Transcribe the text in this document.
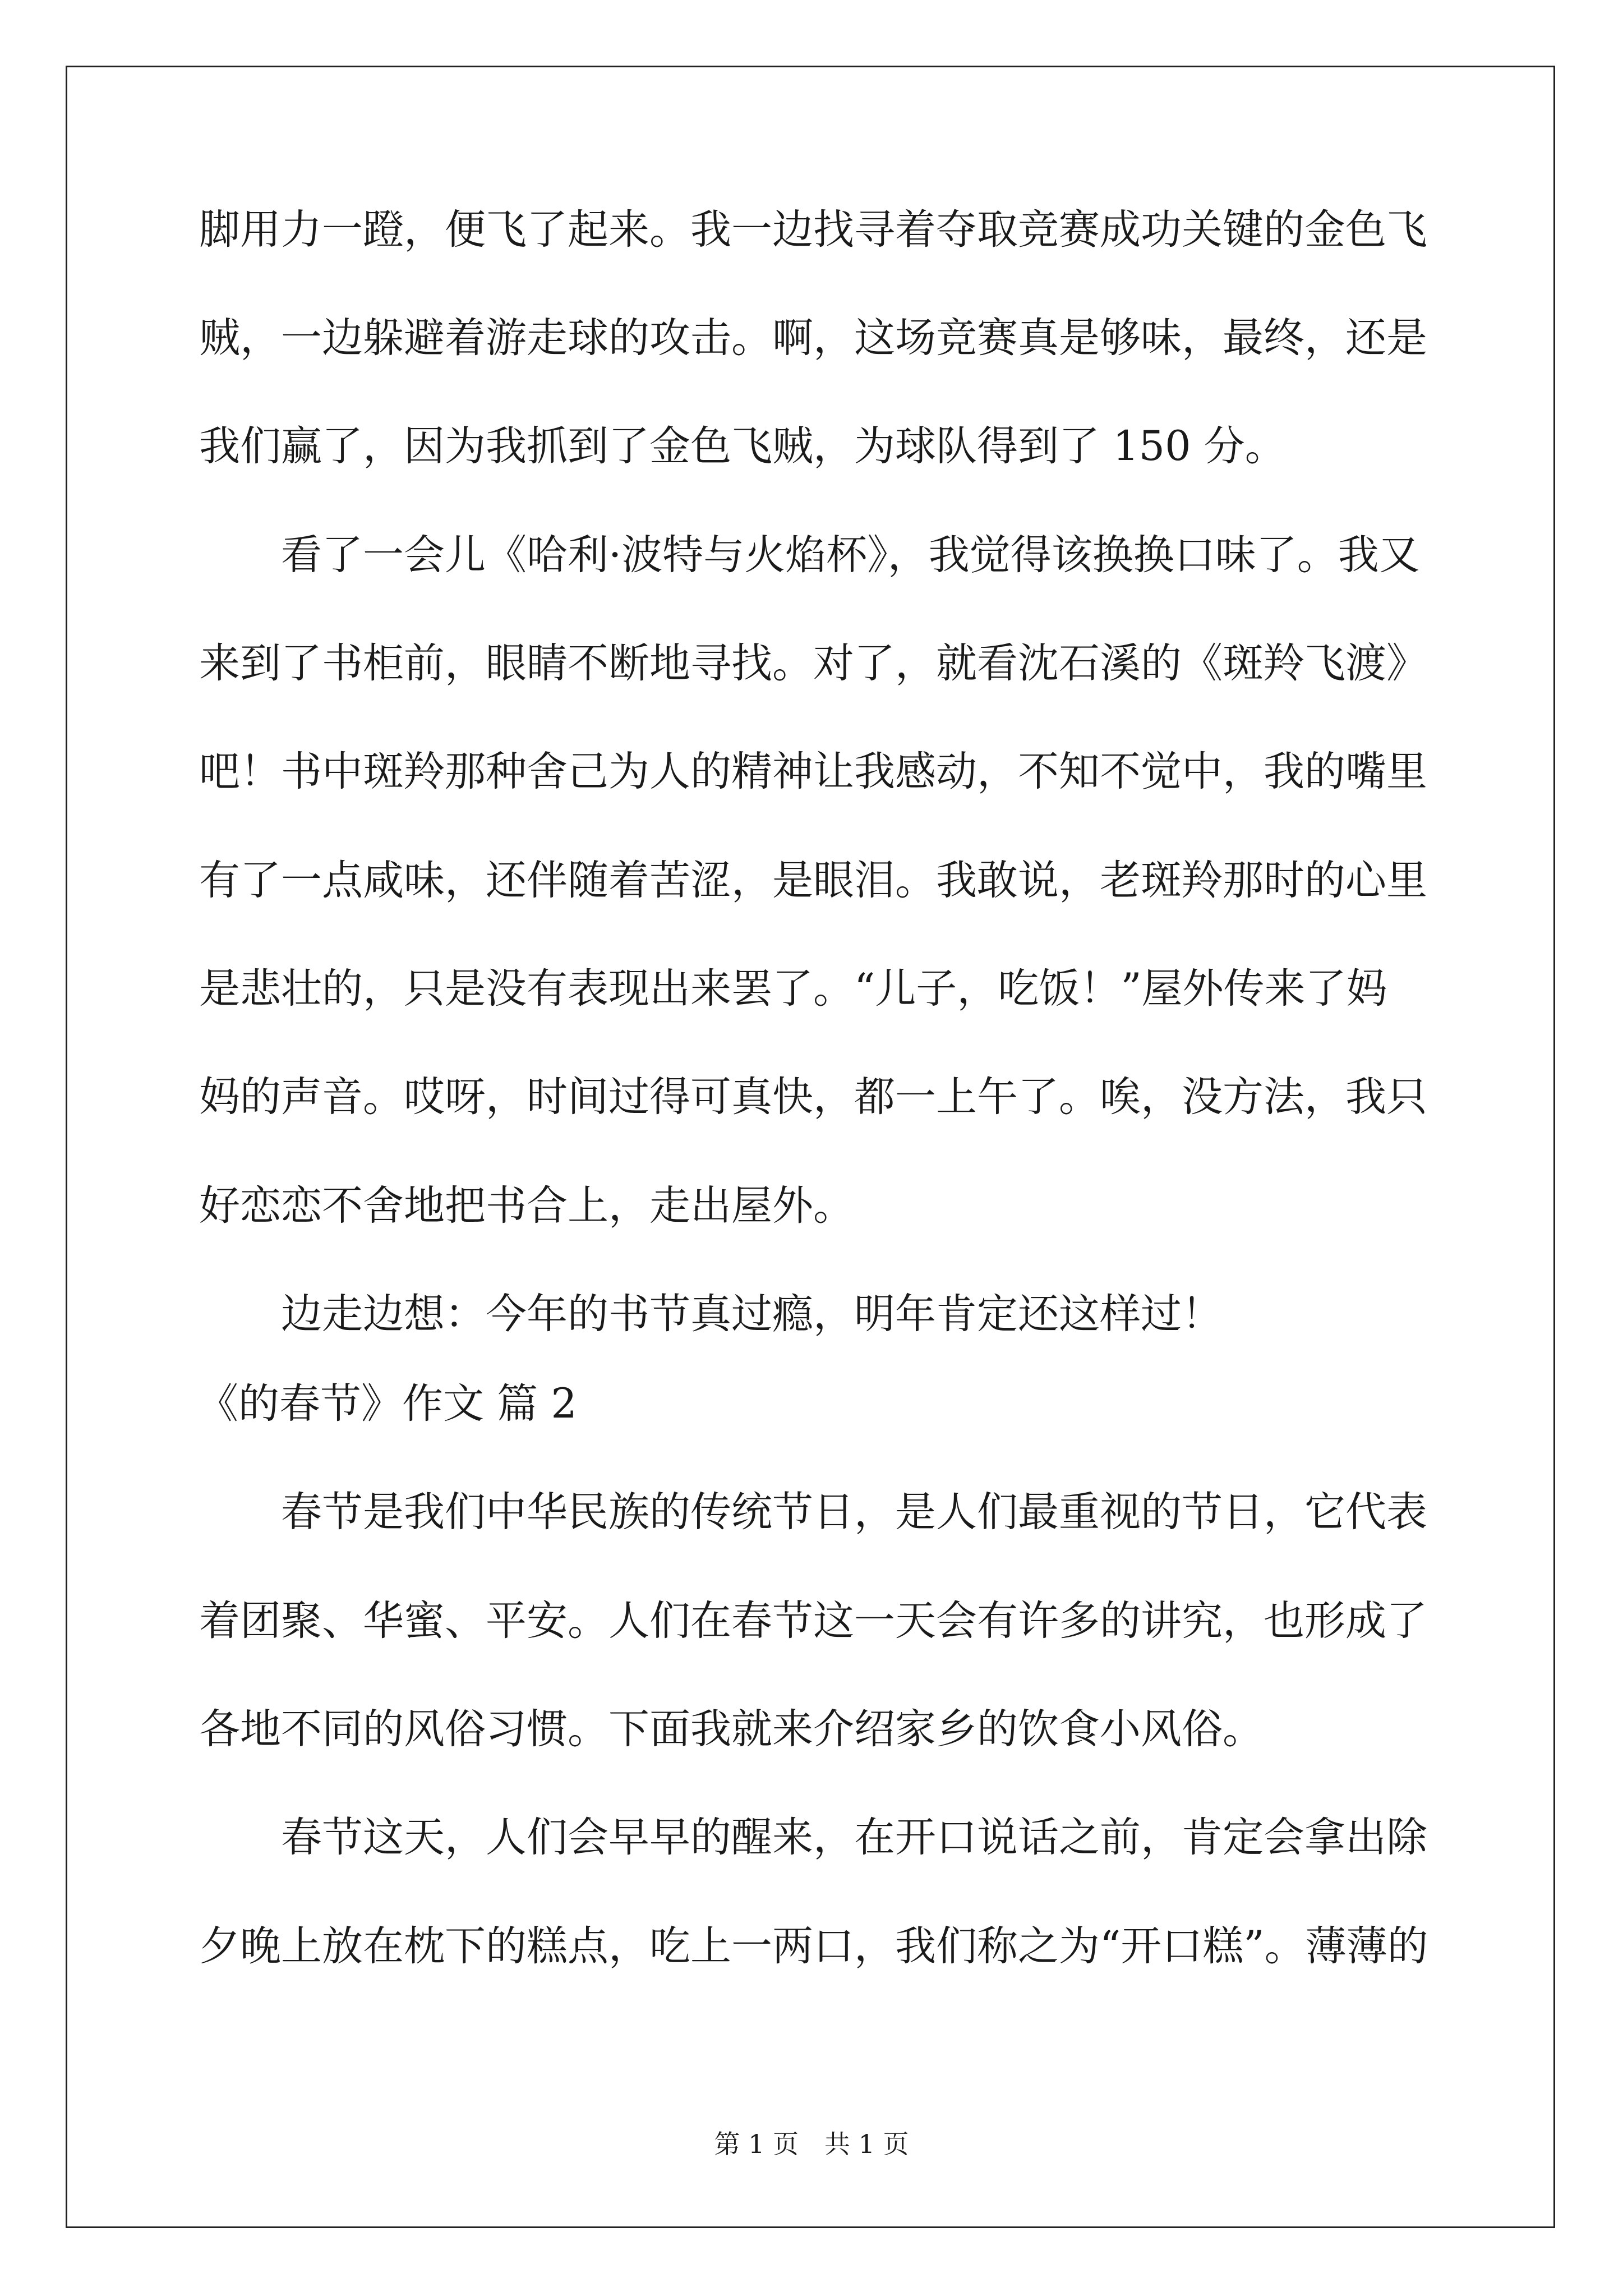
脚用力一蹬，便飞了起来。我一边找寻着夺取竞赛成功关键的金色飞
贼，一边躲避着游走球的攻击。啊，这场竞赛真是够味，最终，还是
我们赢了，因为我抓到了金色飞贼，为球队得到了 150 分。
　　看了一会儿《哈利·波特与火焰杯》，我觉得该换换口味了。我又
来到了书柜前，眼睛不断地寻找。对了，就看沈石溪的《斑羚飞渡》
吧！书中斑羚那种舍己为人的精神让我感动，不知不觉中，我的嘴里
有了一点咸味，还伴随着苦涩，是眼泪。我敢说，老斑羚那时的心里
是悲壮的，只是没有表现出来罢了。“儿子，吃饭！”屋外传来了妈
妈的声音。哎呀，时间过得可真快，都一上午了。唉，没方法，我只
好恋恋不舍地把书合上，走出屋外。
　　边走边想：今年的书节真过瘾，明年肯定还这样过！
《的春节》作文 篇 2
　　春节是我们中华民族的传统节日，是人们最重视的节日，它代表
着团聚、华蜜、平安。人们在春节这一天会有许多的讲究，也形成了
各地不同的风俗习惯。下面我就来介绍家乡的饮食小风俗。
　　春节这天，人们会早早的醒来，在开口说话之前，肯定会拿出除
夕晚上放在枕下的糕点，吃上一两口，我们称之为“开口糕”。薄薄的
第 1 页　共 1 页
